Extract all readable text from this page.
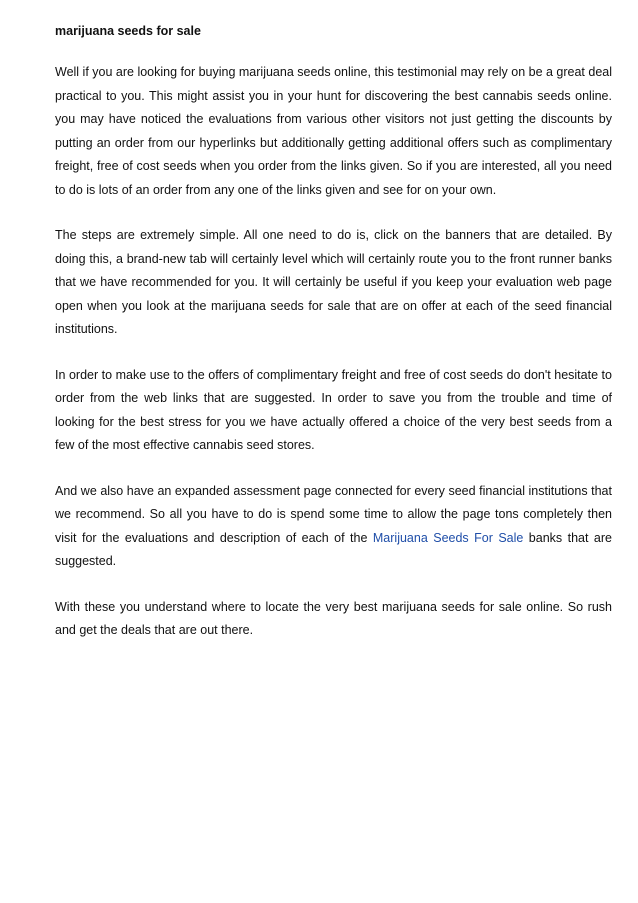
marijuana seeds for sale

Well if you are looking for buying marijuana seeds online, this testimonial may rely on be a great deal practical to you. This might assist you in your hunt for discovering the best cannabis seeds online. you may have noticed the evaluations from various other visitors not just getting the discounts by putting an order from our hyperlinks but additionally getting additional offers such as complimentary freight, free of cost seeds when you order from the links given. So if you are interested, all you need to do is lots of an order from any one of the links given and see for on your own.

The steps are extremely simple. All one need to do is, click on the banners that are detailed. By doing this, a brand-new tab will certainly level which will certainly route you to the front runner banks that we have recommended for you. It will certainly be useful if you keep your evaluation web page open when you look at the marijuana seeds for sale that are on offer at each of the seed financial institutions.

In order to make use to the offers of complimentary freight and free of cost seeds do don't hesitate to order from the web links that are suggested. In order to save you from the trouble and time of looking for the best stress for you we have actually offered a choice of the very best seeds from a few of the most effective cannabis seed stores.

And we also have an expanded assessment page connected for every seed financial institutions that we recommend. So all you have to do is spend some time to allow the page tons completely then visit for the evaluations and description of each of the Marijuana Seeds For Sale banks that are suggested.

With these you understand where to locate the very best marijuana seeds for sale online. So rush and get the deals that are out there.
